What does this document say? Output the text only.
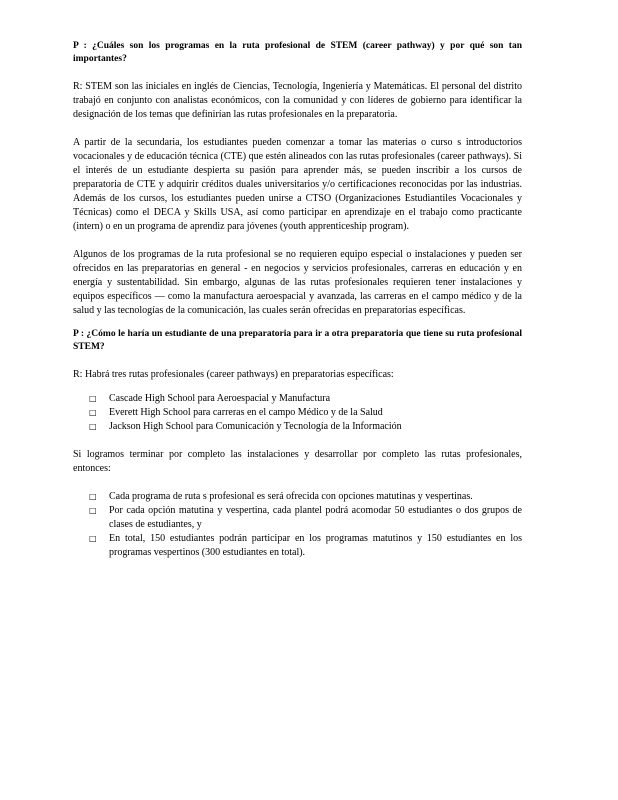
P : ¿Cuáles son los programas en la ruta profesional de STEM (career pathway) y por qué son tan importantes?

R: STEM son las iniciales en inglés de Ciencias, Tecnología, Ingeniería y Matemáticas. El personal del distrito trabajó en conjunto con analistas económicos, con la comunidad y con líderes de gobierno para identificar la designación de los temas que definirían las rutas profesionales en la preparatoria.

A partir de la secundaria, los estudiantes pueden comenzar a tomar las materias o curso s introductorios vocacionales y de educación técnica (CTE) que estén alineados con las rutas profesionales (career pathways). Si el interés de un estudiante despierta su pasión para aprender más, se pueden inscribir a los cursos de preparatoria de CTE y adquirir créditos duales universitarios y/o certificaciones reconocidas por las industrias. Además de los cursos, los estudiantes pueden unirse a CTSO (Organizaciones Estudiantiles Vocacionales y Técnicas) como el DECA y Skills USA, así como participar en aprendizaje en el trabajo como practicante (intern) o en un programa de aprendiz para jóvenes (youth apprenticeship program).

Algunos de los programas de la ruta profesional se no requieren equipo especial o instalaciones y pueden ser ofrecidos en las preparatorias en general - en negocios y servicios profesionales, carreras en educación y en energía y sustentabilidad. Sin embargo, algunas de las rutas profesionales requieren tener instalaciones y equipos específicos — como la manufactura aeroespacial y avanzada, las carreras en el campo médico y de la salud y las tecnologías de la comunicación, las cuales serán ofrecidas en preparatorias específicas.

P : ¿Cómo le haría un estudiante de una preparatoria para ir a otra preparatoria que tiene su ruta profesional STEM?

R: Habrá tres rutas profesionales (career pathways) en preparatorias específicas:

□ Cascade High School para Aeroespacial y Manufactura
□ Everett High School para carreras en el campo Médico y de la Salud
□ Jackson High School para Comunicación y Tecnología de la Información

Si logramos terminar por completo las instalaciones y desarrollar por completo las rutas profesionales, entonces:

□ Cada programa de ruta s profesional es será ofrecida con opciones matutinas y vespertinas.
□ Por cada opción matutina y vespertina, cada plantel podrá acomodar 50 estudiantes o dos grupos de clases de estudiantes, y
□ En total, 150 estudiantes podrán participar en los programas matutinos y 150 estudiantes en los programas vespertinos (300 estudiantes en total).
